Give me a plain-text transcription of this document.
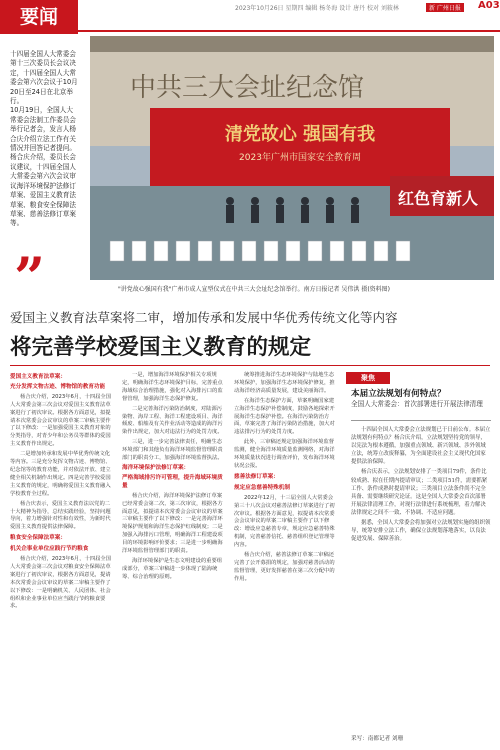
要闻	2023年10月26日 星期四 编辑 杨冬海 设计 唐丹 校对 刘筱林	新 广州日报	A03

十四届全国人大常委会第十三次委员长会议决定，十四届全国人大常委会第六次会议于10月20日至24日在北京举行。

10月19日，全国人大常委会法制工作委员会举行记者会，发言人杨合庆介绍立法工作有关情况并回答记者提问。

杨合庆介绍，委员长会议建议，十四届全国人大常委会第六次会议审议海洋环境保护法修订草案、爱国主义教育法草案、粮食安全保障法草案、慈善法修订草案等。

”
中共三大会址纪念馆
清党故心 强国有我
2023年广州市国家安全教育周
红色育新人
"讲党故心强国有我"广州市成人宣型仪式在中共三大会址纪念馆举行。南方日报记者 吴伟洪 摄(资料图)
爱国主义教育法草案将二审，增加传承和发展中华优秀传统文化等内容
将完善学校爱国主义教育的规定
爱国主义教育法草案：
充分发挥文物古迹、博物馆的教育功能

杨合庆介绍，2023年6月，十四届全国人大常委会第三次会议对爱国主义教育法草案进行了初次审议。根据各方面意见，拟提请本次常委会会议审议的草案二审稿主要作了以下修改：一是加强爱国主义教育对象的分类指导，对青少年和公务员等群体的爱国主义教育作出规定。

二是增加传承和发展中华优秀传统文化等内容。三是充分发挥文物古迹、博物馆、纪念馆等的教育功能，并对依法开放、建立健全相关机制作出规定。四是完善学校爱国主义教育的规定，明确将爱国主义教育融入学校教育全过程。

杨合庆表示，爱国主义教育法以党的二十大精神为指导，总结实践经验，坚持问题导向，着力增强针对性和有效性，为新时代爱国主义教育提供法律保障。

粮食安全保障法草案：
机关企事业单位应践行节约粮食

杨合庆介绍，2023年6月，十四届全国人大常委会第三次会议对粮食安全保障法草案进行了初次审议，根据各方面意见，提请本次常委会会议审议的草案二审稿主要作了以下修改：一是明确机关、人民团体、社会组织和企业事业单位应当践行节约粮食要求。

一是，增加海洋环境保护相关专项规定，明确海洋生态环境保护目标，完善重点海域综合治理措施，强化对入海排污口的监督管理，加强海洋生态保护修复。

二是完善海洋污染防治制度，对陆源污染物、海岸工程、海洋工程建设项目、海洋倾废、船舶及有关作业活动等造成的海洋污染作出规定，加大对违法行为的处罚力度。

三是，进一步完善法律责任，明确生态环境部门和其他负有海洋环境监督管理职责部门的职责分工，加强海洋环境监督执法。

海洋环境保护法修订草案：
严格海域排污许可管理，提升海域环境质量

杨合庆介绍，海洋环境保护法修订草案已经常委会第二次、第三次审议，根据各方面意见，拟提请本次常委会会议审议的草案三审稿主要作了以下修改：一是完善海洋环境保护规划和海洋生态保护红线制度；二是加强入海排污口管理，明确海洋工程建设项目的环境影响评价要求；三是进一步明确海洋环境监督管理部门的职责。

海洋环境保护是生态文明建设的重要组成部分，草案三审稿进一步体现了陆海统筹、综合治理的原则。

统筹推进海洋生态环境保护与陆地生态环境保护，加强海洋生态环境保护修复，推动海洋经济高质量发展，建设美丽海洋。

在海洋生态保护方面，草案明确国家建立海洋生态保护补偿制度，鼓励各地探索开展海洋生态保护补偿。在海洋污染防治方面，草案完善了海洋污染防治措施，加大对违法排污行为的处罚力度。

此外，三审稿还规定加强海洋环境监督监测，健全海洋环境质量监测网络，对海洋环境质量状况进行调查评价，发布海洋环境状况公报。

慈善法修订草案：
规定应急慈善特殊机制

2022年12月，十三届全国人大常委会第三十八次会议对慈善法修订草案进行了初次审议。根据各方面意见，拟提请本次常委会会议审议的草案二审稿主要作了以下修改：增设应急慈善专章，规定应急慈善特殊机制，完善慈善信托、慈善组织登记管理等内容。

杨合庆介绍，慈善法修订草案二审稿还完善了公开募捐的规定，加强对慈善活动的监督管理，更好发挥慈善在第三次分配中的作用。

聚焦
本届立法规划有何特点？
全国人大常委会：首次部署进行开展法律清理

十四届全国人大常委会立法规划已于日前公布。本届立法规划有何特点？杨合庆介绍，立法规划坚持党的领导，以宪法为根本遵循，加强重点领域、新兴领域、涉外领域立法，统筹立改废释纂，为全面建设社会主义现代化国家提供法治保障。

杨合庆表示，立法规划安排了一类项目79件，条件比较成熟、拟在任期内提请审议；二类项目51件，需要抓紧工作、条件成熟时提请审议；三类项目立法条件尚不完全具备、需要继续研究论证。这是全国人大常委会首次部署开展法律清理工作，对现行法律进行系统梳理，着力解决法律规定之间不一致、不协调、不适应问题。

据悉，全国人大常委会将加强对立法规划实施的组织领导，统筹安排立法工作，确保立法规划落地落实，以良法促进发展、保障善治。

采写：南都记者 刘珊
